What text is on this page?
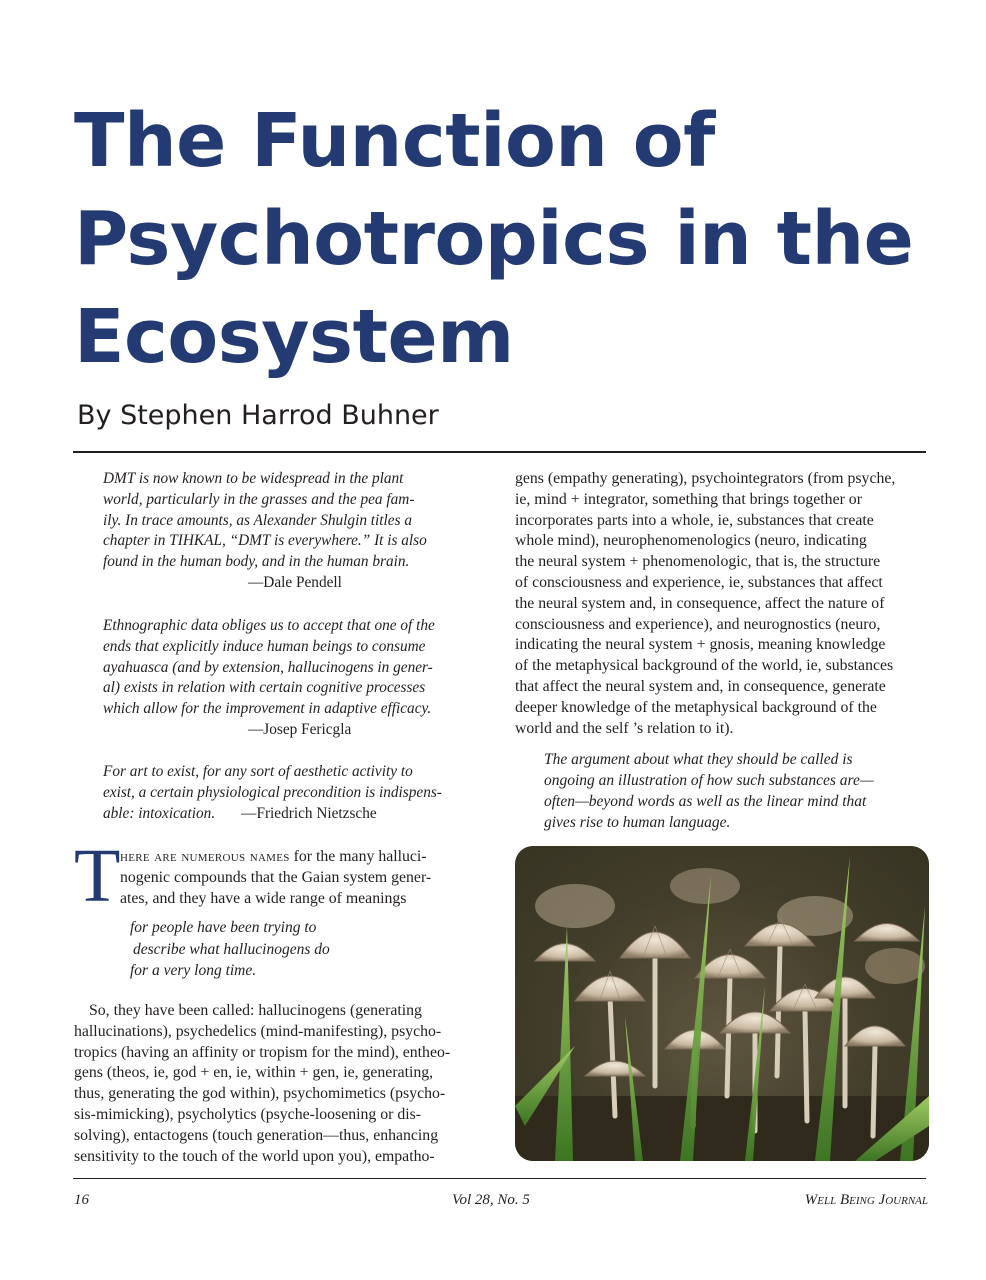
The Function of
Psychotropics in the
Ecosystem
By Stephen Harrod Buhner
DMT is now known to be widespread in the plant
world, particularly in the grasses and the pea fam-
ily. In trace amounts, as Alexander Shulgin titles a
chapter in TIHKAL, “DMT is everywhere.” It is also
found in the human body, and in the human brain.
—Dale Pendell
Ethnographic data obliges us to accept that one of the
ends that explicitly induce human beings to consume
ayahuasca (and by extension, hallucinogens in gener-
al) exists in relation with certain cognitive processes
which allow for the improvement in adaptive efficacy.
—Josep Fericgla
For art to exist, for any sort of aesthetic activity to
exist, a certain physiological precondition is indispens-
able: intoxication. —Friedrich Nietzsche
T here are numerous names for the many halluci-
nogenic compounds that the Gaian system gener-
ates, and they have a wide range of meanings
for people have been trying to
describe what hallucinogens do
for a very long time.
So, they have been called: hallucinogens (generating
hallucinations), psychedelics (mind-manifesting), psycho-
tropics (having an affinity or tropism for the mind), entheo-
gens (theos, ie, god + en, ie, within + gen, ie, generating,
thus, generating the god within), psychomimetics (psycho-
sis-mimicking), psycholytics (psyche-loosening or dis-
solving), entactogens (touch generation—thus, enhancing
sensitivity to the touch of the world upon you), empatho-
gens (empathy generating), psychointegrators (from psyche,
ie, mind + integrator, something that brings together or
incorporates parts into a whole, ie, substances that create
whole mind), neurophenomenologics (neuro, indicating
the neural system + phenomenologic, that is, the structure
of consciousness and experience, ie, substances that affect
the neural system and, in consequence, affect the nature of
consciousness and experience), and neurognostics (neuro,
indicating the neural system + gnosis, meaning knowledge
of the metaphysical background of the world, ie, substances
that affect the neural system and, in consequence, generate
deeper knowledge of the metaphysical background of the
world and the self ’s relation to it).
The argument about what they should be called is
ongoing an illustration of how such substances are—
often—beyond words as well as the linear mind that
gives rise to human language.
16	Vol 28, No. 5	Well Being Journal
